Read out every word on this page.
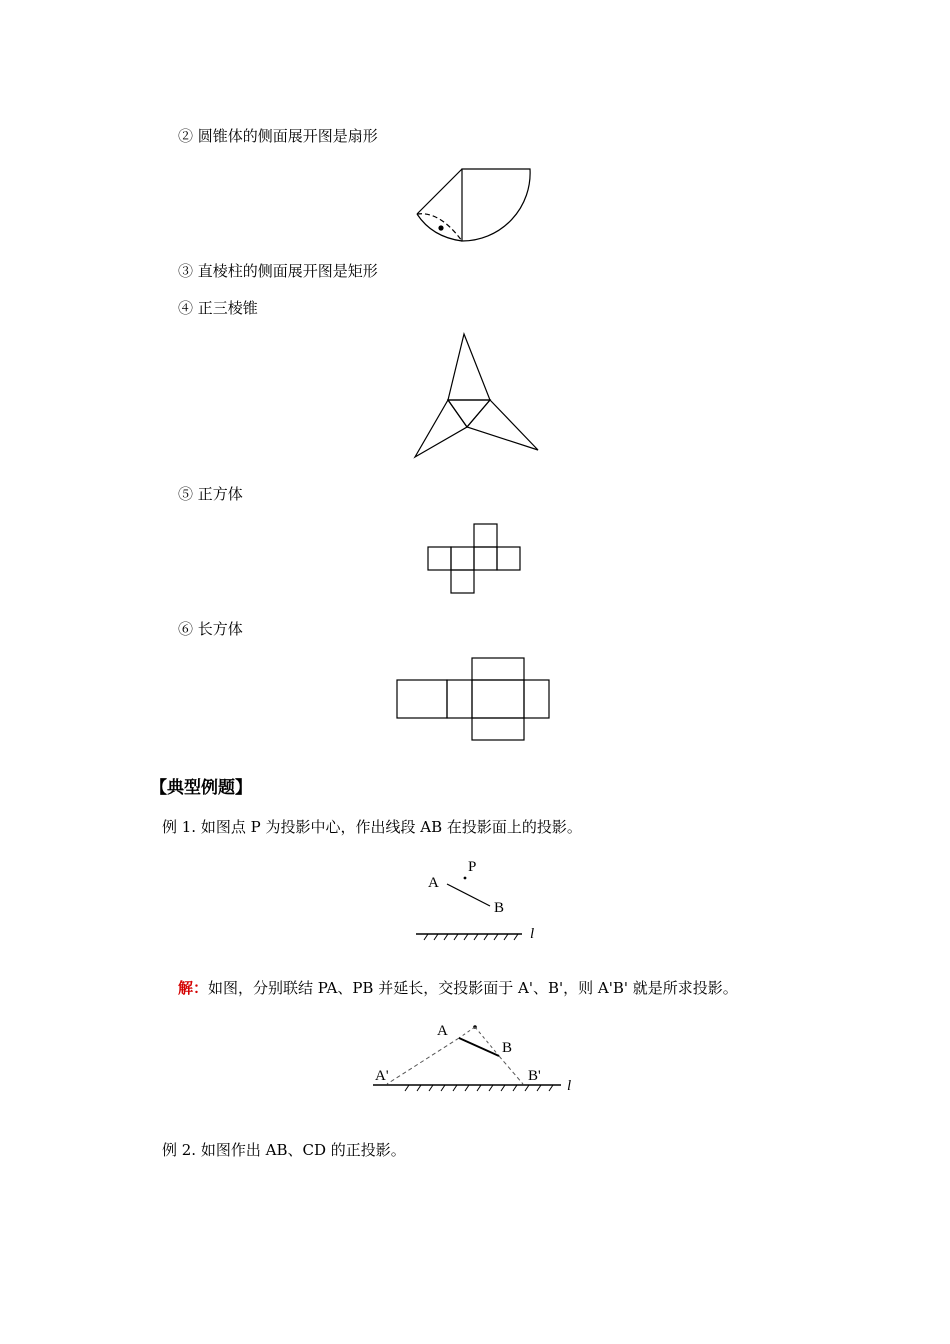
② 圆锥体的侧面展开图是扇形
③ 直棱柱的侧面展开图是矩形
④ 正三棱锥
⑤ 正方体
⑥ 长方体
【典型例题】
例 1. 如图点 P 为投影中心，作出线段 AB 在投影面上的投影。
P
A
B
l
解：如图，分别联结 PA、PB 并延长，交投影面于 A'、B'，则 A'B' 就是所求投影。
A
B
A'	B'
l
例 2. 如图作出 AB、CD 的正投影。
